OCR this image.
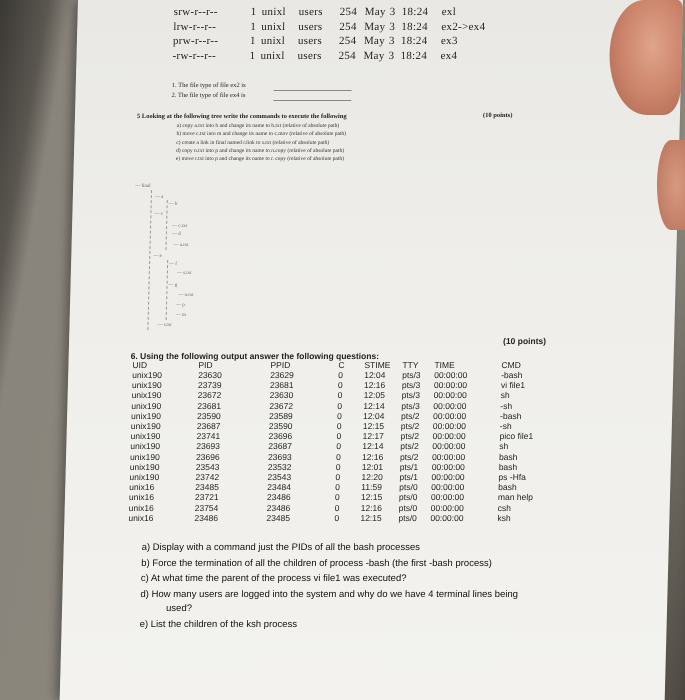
srw-r--r--	1 unixl users 254 May 3 18:24 exl
lrw-r--r--	1 unixl users 254 May 3 18:24 ex2->ex4
prw-r--r--	1 unixl users 254 May 3 18:24 ex3
-rw-r--r--	1 unixl users 254 May 3 18:24 ex4
1. The file type of file ex2 is
2. The file type of file ex4 is
5 Looking at the following tree write the commands to execute the following	(10 points)
a) copy a.txt into b and change its name to b.txt (relative of absolute path)
b) move c.txt into m and change its name to c.mov (relative of absolute path)
c) create a link in final named r.link to s.txt (relative of absolute path)
d) copy n.txt into p and change its name to n.copy (relative of absolute path)
e) move r.txt into p and change its name to r. copy (relative of absolute path)
— final
— a
— b
— c
— c.txt
— d
— a.txt
— e
— f
— s.txt
— g
— n.txt
— p
— m
— r.txt
6. Using the following output answer the following questions:
(10 points)
UID	PID	PPID	C STIME TTY TIME	CMD
unix190	23630	23629	0 12:04 pts/3 00:00:00	-bash
unix190	23739	23681	0 12:16 pts/3 00:00:00	vi file1
unix190	23672	23630	0 12:05 pts/3 00:00:00	sh
unix190	23681	23672	0 12:14 pts/3 00:00:00	-sh
unix190	23590	23589	0 12:04 pts/2 00:00:00	-bash
unix190	23687	23590	0 12:15 pts/2 00:00:00	-sh
unix190	23741	23696	0 12:17 pts/2 00:00:00	pico file1
unix190	23693	23687	0 12:14 pts/2 00:00:00	sh
unix190	23696	23693	0 12:16 pts/2 00:00:00	bash
unix190	23543	23532	0 12:01 pts/1 00:00:00	bash
unix190	23742	23543	0 12:20 pts/1 00:00:00	ps -Hfa
unix16	23485	23484	0 11:59 pts/0 00:00:00	bash
unix16	23721	23486	0 12:15 pts/0 00:00:00	man help
unix16	23754	23486	0 12:16 pts/0 00:00:00	csh
unix16	23486	23485	0 12:15 pts/0 00:00:00	ksh
a) Display with a command just the PIDs of all the bash processes
b) Force the termination of all the children of process -bash (the first -bash process)
c) At what time the parent of the process vi file1 was executed?
d) How many users are logged into the system and why do we have 4 terminal lines being
used?
e) List the children of the ksh process
